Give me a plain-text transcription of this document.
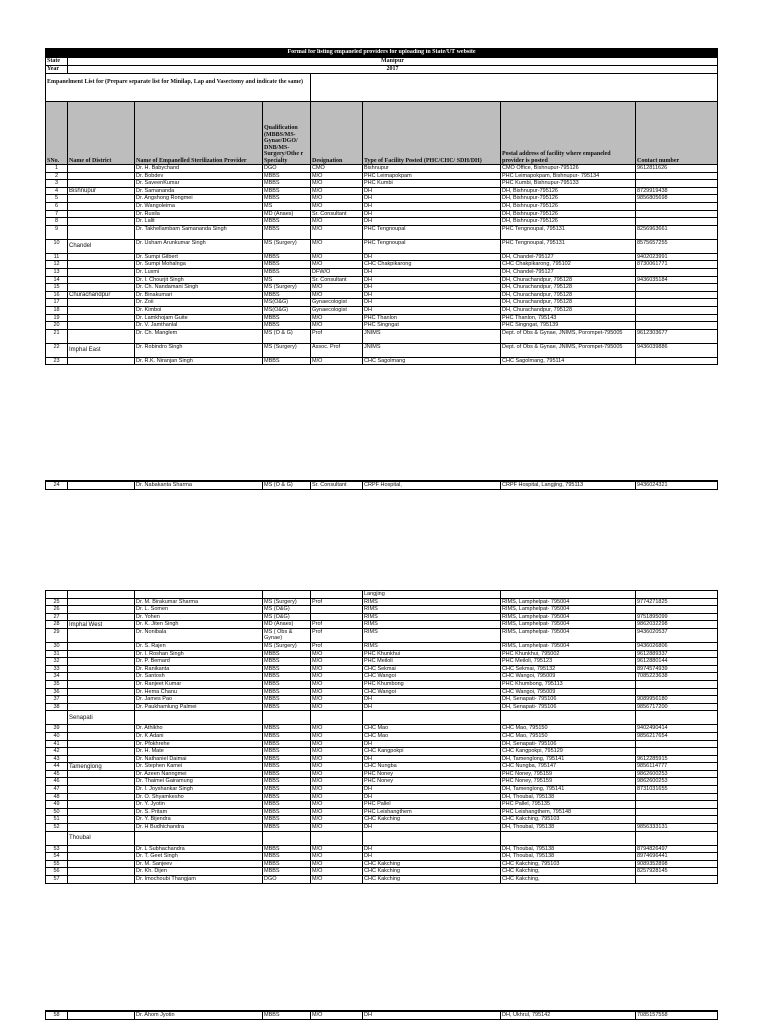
Formal for listing empaneled providers for uploading in State/UT website							
State	Manipur						
Year	2017						
Empanelment List for (Prepare separate list for Minilap, Lap and Vasectomy and indicate the same)							
SNo.	Name of District	Name of Empanelled Sterilization Provider	Qualification (MBBS/MS-Gynae/DGO/ DNB/MS-Surgery/Othe r Specialty	Designation	Type of Facility Posted (PHC/CHC/ SDH/DH)	Postal address of facility where empaneled provider is posted	Contact number
1		Dr. H. Babychand	DGO	CMO	Bishnupur	CMO Office, Bishnupur-795126	9612811626
2		Dr. Bobdev	MBBS	M/O	PHC Leimapokpam	PHC Leimapokpam, Bishnupur- 795134	
3		Dr. SaveenKumar	MBBS	M/O	PHC Kumbi	PHC Kumbi, Bishnupur-795133	
4	Bishnupur	Dr. Samananda	MBBS	M/O	DH	DH, Bishnupur-795126	8729919438
5		Dr. Angshong Rongmei	MBBS	M/O	DH	DH, Bishnupur-795126	9856805698
6		Dr. Wangoleima	MS	M/O	DH	DH, Bishnupur-795126	
7		Dr. Rusila	MD (Anaes)	Sr. Consultant	DH	DH, Bishnupur-795126	
8		Dr. Lalit	MBBS	M/O	DH	DH, Bishnupur-795126	
9		Dr. Takhellambam Samananda Singh	MBBS	M/O	PHC Tengnoupal	PHC Tengnoupal, 795131	8256963661
10	Chandel	Dr. Usham Arunkumar Singh	MS (Surgery)	M/O	PHC Tengnoupal	PHC Tengnoupal, 795131	8575657255
11		Dr. Sumpi Gilbert	MBBS	M/O	DH	DH, Chandel-795127	9402023991
12		Dr. Sumpi Mohalnga	MBBS	M/O	CHC Chakpikarong	CHC Chakpikarong, 795102	8730061771
13		Dr. Luxmi	MBBS	DFW/O	DH	DH, Chandel-795127	
14		Dr. I. Chourjit Singh	MS	Sr. Consultant	DH	DH, Churachandpur, 795128	9436035184
15		Dr. Ch. Nandamani Singh	MS (Surgery)	M/O	DH	DH, Churachandpur, 795128	
16	Churachandpur	Dr. Binakumari	MBBS	M/O	DH	DH, Churachandpur, 795128	
17		Dr. Zoii	MS(O&G)	Gynaecologist	DH	DH, Churachandpur, 795128	
18		Dr. Kimboi	MS(O&G)	Gynaecologist	DH	DH, Churachandpur, 795128	
19		Dr. Lamkhojam Guite	MBBS	M/O	PHC Thanlon	PHC Thanlon, 795143	
20		Dr. V. Jamthanlal	MBBS	M/O	PHC Singngat	PHC Singngat, 795139	
21		Dr. Ch. Manglem	MS (O & G)	Prof	JNIMS	Dept. of Obs & Gynae, JNIMS, Porompet-795005	9612303677
22	Imphal East	Dr. Robindro Singh	MS (Surgery)	Assoc. Prof	JNIMS	Dept. of Obs & Gynae, JNIMS, Porompet-795005	9436039886
23		Dr. R.K. Niranjan Singh	MBBS	M/O	CHC Sagolmang	CHC Sagolmang, 795114	
24		Dr. Nabakanta Sharma	MS (O & G)	Sr. Consultant	CRPF Hospital,	CRPF Hospital, Langjing, 795113	9436024321
					Langjing		
25		Dr. M. Birakumar Sharma	MS (Surgery)	Prof	RIMS	RIMS, Lamphelpat- 795004	9774271825
26		Dr. L. Somen	MS (O&G)		RIMS	RIMS, Lamphelpat- 795004	
27		Dr. Yohen	MS (O&G)		RIMS	RIMS, Lamphelpat- 795004	9751895099
28	Imphal West	Dr. K. Jiten Singh	MD (Anaes)	Prof	RIMS	RIMS, Lamphelpat- 795004	9862032298
29		Dr. Nonibala	MS ( Obs & Gynae)	Prof	RIMS	RIMS, Lamphelpat- 795004	9436020537
30		Dr. S. Rajen	MS (Surgery)	Prof	RIMS	RIMS, Lamphelpat- 795004	9436026806
31		Dr. I. Roshan Singh	MBBS	M/O	PHC Khunkhui	PHC Khunkhui, 795002	9612889337
32		Dr. P. Bemard	MBBS	M/O	PHC Meiloli	PHC Meiloli, 795123	9612880144
33		Dr. Ranikanta	MBBS	M/O	CHC Sekmai	CHC Sekmai, 795132	8974574939
34		Dr. Santosh	MBBS	M/O	CHC Wangoi	CHC Wangoi, 795009	7085223638
35		Dr. Ranjeet Kumar	MBBS	M/O	PHC Khumbong	PHC Khumbong, 795113	
36		Dr. Hema Chanu	MBBS	M/O	CHC Wangoi	CHC Wangoi, 795009	
37		Dr. James Pao	MBBS	M/O	DH	DH, Senapati- 795106	9089956180
38		Dr. Paukhamlung Palmei	MBBS	M/O	DH	DH, Senapati- 795106	9856717200
	Senapati						
39		Dr. Athikho	MBBS	M/O	CHC Mao	CHC Mao, 795150	9402490414
40		Dr. K Adani	MBBS	M/O	CHC Mao	CHC Mao, 795150	9856217654
41		Dr. Pfokhrehe	MBBS	M/O	DH	DH, Senapati- 795106	
42		Dr. H. Mate	MBBS	M/O	CHC Kangpokpi	CHC Kangpokpi, 795129	
43		Dr. Nathaniel Daimai	MBBS	M/O	DH	DH, Tamenglong, 795141	9612285915
44	Tamenglong	Dr. Stephen Kamei	MBBS	M/O	CHC Nungba	CHC Nungba, 795147	9856114777
45		Dr. Azeen Nanngmei	MBBS	M/O	PHC Noney	PHC Noney, 795159	9862600253
46		Dr. Thaimei Gairamung	MBBS	M/O	PHC Noney	PHC Noney, 795159	9862600253
47		Dr. I. Joyshankar Singh	MBBS	M/O	DH	DH, Tamenglong, 795141	8731031655
48		Dr. O. Shyamkesho	MBBS	M/O	DH	DH, Thoubal, 795138	
49		Dr. Y. Jyotin	MBBS	M/O	PHC Pallel	PHC Pallel, 795135	
50		Dr. S. Pritam	MBBS	M/O	PHC Leishangthem	PHC Leishangthem, 795148	
51		Dr. Y. Bijendra	MBBS	M/O	CHC Kakching	CHC Kakching, 795103	
52		Dr. H Budhichandra	MBBS	M/O	DH	DH, Thoubal, 795138	9856333131
	Thoubal						
53		Dr. L Subhachandra	MBBS	M/O	DH	DH, Thoubal, 795138	8794826497
54		Dr. T. Geet Singh	MBBS	M/O	DH	DH, Thoubal, 795138	8974696441
55		Dr. M. Sanjeev	MBBS	M/O	CHC Kakching	CHC Kakching, 795103	9089352898
56		Dr. Kh. Dijen	MBBS	M/O	CHC Kakching	CHC Kakching,	8257928145
57		Dr. Imochoubi Thangjam	DGO	M/O	CHC Kakching	CHC Kakching,	
58		Dr. Ahom Jyotin	MBBS	M/O	DH	DH, Ukhrul, 795142	7085157558
